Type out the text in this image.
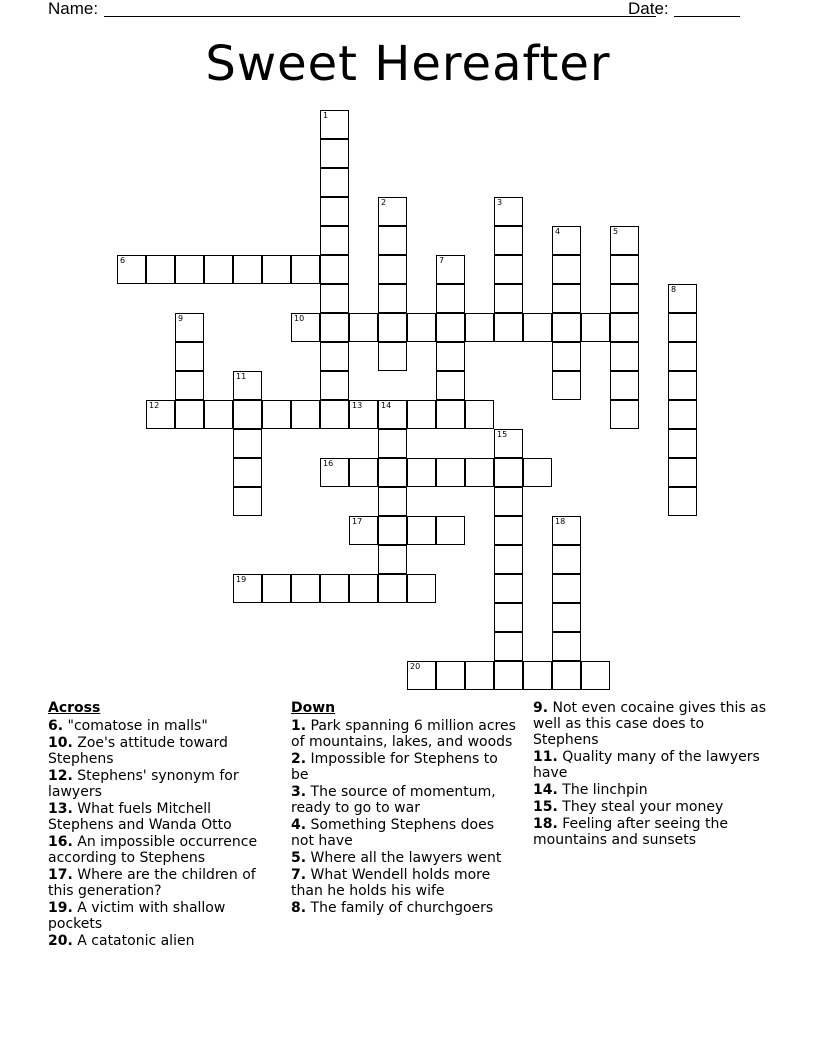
Name:	Date:
Sweet Hereafter
1
2	3
4	5
6	7
8
9	10
11
12	13 14
15
16
17	18
19
20
Across
6. "comatose in malls"
10. Zoe's attitude toward Stephens
12. Stephens' synonym for lawyers
13. What fuels Mitchell Stephens and Wanda Otto
16. An impossible occurrence according to Stephens
17. Where are the children of this generation?
19. A victim with shallow pockets
20. A catatonic alien
Down
1. Park spanning 6 million acres of mountains, lakes, and woods
2. Impossible for Stephens to be
3. The source of momentum, ready to go to war
4. Something Stephens does not have
5. Where all the lawyers went
7. What Wendell holds more than he holds his wife
8. The family of churchgoers
9. Not even cocaine gives this as well as this case does to Stephens
11. Quality many of the lawyers have
14. The linchpin
15. They steal your money
18. Feeling after seeing the mountains and sunsets
